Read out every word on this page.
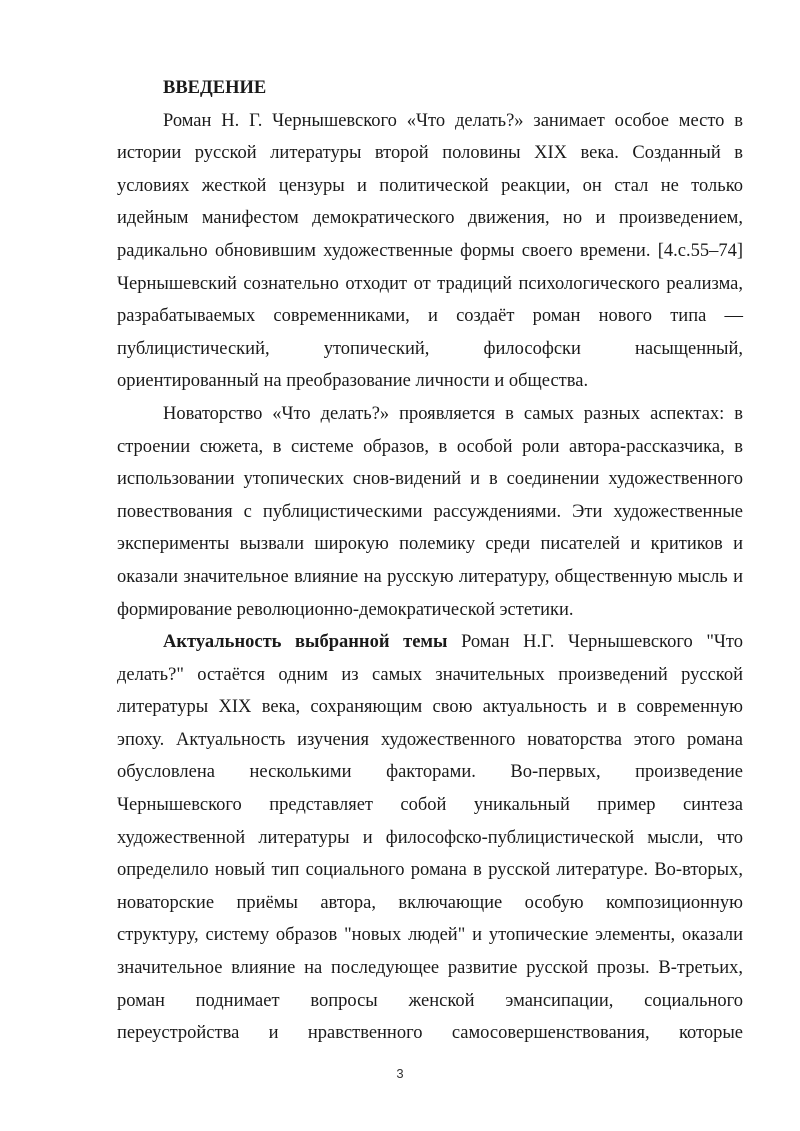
ВВЕДЕНИЕ
Роман Н. Г. Чернышевского «Что делать?» занимает особое место в
истории русской литературы второй половины XIX века. Созданный в
условиях жесткой цензуры и политической реакции, он стал не только
идейным манифестом демократического движения, но и произведением,
радикально обновившим художественные формы своего времени. [4.с.55–74]
Чернышевский сознательно отходит от традиций психологического реализма,
разрабатываемых современниками, и создаёт роман нового типа —
публицистический, утопический, философски насыщенный,
ориентированный на преобразование личности и общества.
Новаторство «Что делать?» проявляется в самых разных аспектах: в
строении сюжета, в системе образов, в особой роли автора-рассказчика, в
использовании утопических снов-видений и в соединении художественного
повествования с публицистическими рассуждениями. Эти художественные
эксперименты вызвали широкую полемику среди писателей и критиков и
оказали значительное влияние на русскую литературу, общественную мысль и
формирование революционно-демократической эстетики.
Актуальность выбранной темы Роман Н.Г. Чернышевского "Что
делать?" остаётся одним из самых значительных произведений русской
литературы XIX века, сохраняющим свою актуальность и в современную
эпоху. Актуальность изучения художественного новаторства этого романа
обусловлена несколькими факторами. Во-первых, произведение
Чернышевского представляет собой уникальный пример синтеза
художественной литературы и философско-публицистической мысли, что
определило новый тип социального романа в русской литературе. Во-вторых,
новаторские приёмы автора, включающие особую композиционную
структуру, систему образов "новых людей" и утопические элементы, оказали
значительное влияние на последующее развитие русской прозы. В-третьих,
роман поднимает вопросы женской эмансипации, социального
переустройства и нравственного самосовершенствования, которые
3
